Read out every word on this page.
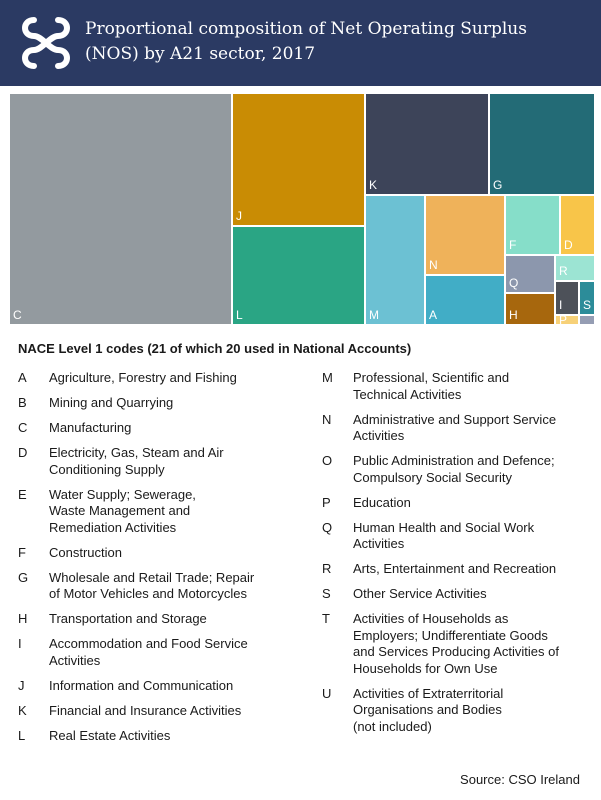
Proportional composition of Net Operating Surplus
(NOS) by A21 sector, 2017
C
J
L
K	G
M
N
A
F	D
Q
R
H
I S
P
NACE Level 1 codes (21 of which 20 used in National Accounts)
A	Agriculture, Forestry and Fishing
B	Mining and Quarrying
C	Manufacturing
D	Electricity, Gas, Steam and Air
Conditioning Supply
E	Water Supply; Sewerage,
Waste Management and
Remediation Activities
F	Construction
G	Wholesale and Retail Trade; Repair
of Motor Vehicles and Motorcycles
H	Transportation and Storage
I	Accommodation and Food Service
Activities
J	Information and Communication
K	Financial and Insurance Activities
L	Real Estate Activities
M	Professional, Scientific and
Technical Activities
N	Administrative and Support Service
Activities
O	Public Administration and Defence;
Compulsory Social Security
P	Education
Q	Human Health and Social Work
Activities
R	Arts, Entertainment and Recreation
S	Other Service Activities
T	Activities of Households as
Employers; Undifferentiate Goods
and Services Producing Activities of
Households for Own Use
U	Activities of Extraterritorial
Organisations and Bodies
(not included)
Source: CSO Ireland
